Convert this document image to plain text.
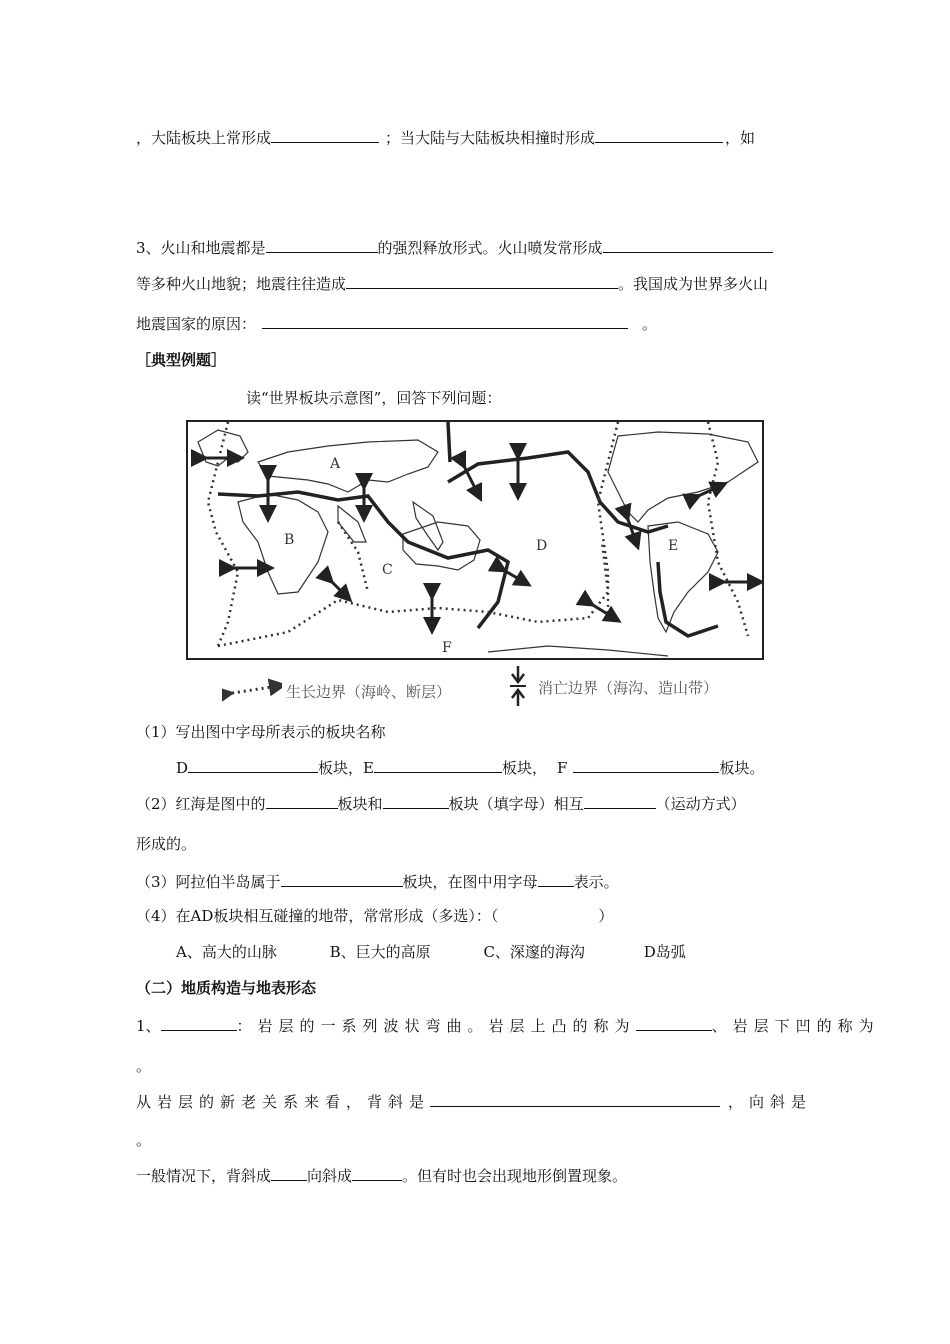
，大陆板块上常形成	；当大陆与大陆板块相撞时形成	，如
3、火山和地震都是	的强烈释放形式。火山喷发常形成
等多种火山地貌；地震往往造成	。我国成为世界多火山
地震国家的原因：	。
［典型例题］
读“世界板块示意图”，回答下列问题：
A
B
C
D	E
F
生长边界（海岭、断层）	消亡边界（海沟、造山带）
（1）写出图中字母所表示的板块名称
D	板块，E	板块， F	板块。
（2）红海是图中的	板块和	板块（填字母）相互	（运动方式）
形成的。
（3）阿拉伯半岛属于	板块，在图中用字母 表示。
（4）在AD板块相互碰撞的地带，常常形成（多选）：（	）
A、高大的山脉	B、巨大的高原	C、深邃的海沟	D岛弧
（二）地质构造与地表形态
1、	：岩层的一系列波状弯曲。岩层上凸的称为	、岩层下凹的称为
。
从岩层的新老关系来看，背斜是	，向斜是
。
一般情况下，背斜成 向斜成	。但有时也会出现地形倒置现象。
